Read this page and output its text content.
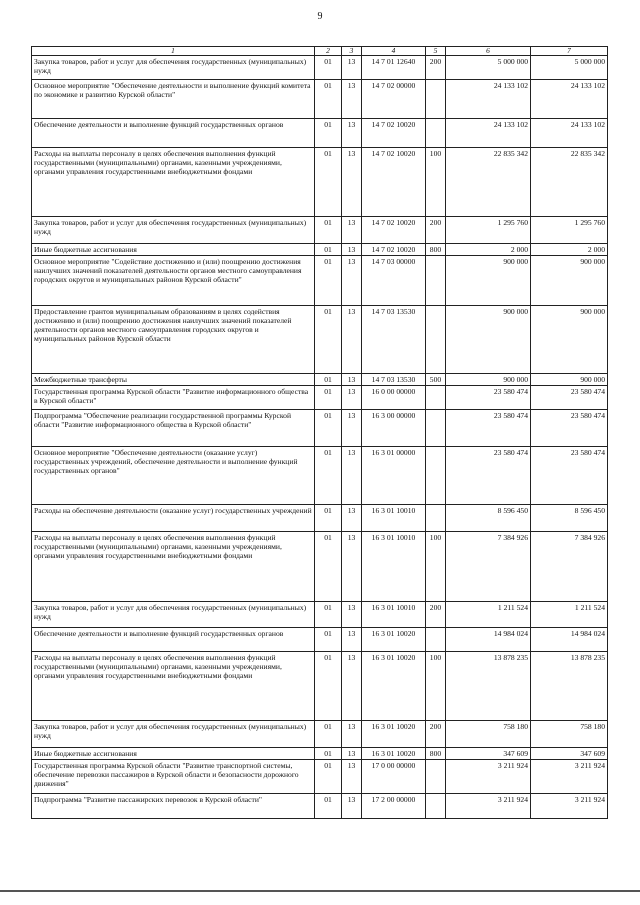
9
1	2	3	4	5	6	7
Закупка товаров, работ и услуг для обеспечения государственных (муниципальных) нужд	01	13	14 7 01 12640	200	5 000 000	5 000 000
Основное мероприятие "Обеспечение деятельности и выполнение функций комитета по экономике и развитию Курской области"	01	13	14 7 02 00000		24 133 102	24 133 102
Обеспечение деятельности и выполнение функций государственных органов	01	13	14 7 02 10020		24 133 102	24 133 102
Расходы на выплаты персоналу в целях обеспечения выполнения функций государственными (муниципальными) органами, казенными учреждениями, органами управления государственными внебюджетными фондами	01	13	14 7 02 10020	100	22 835 342	22 835 342
Закупка товаров, работ и услуг для обеспечения государственных (муниципальных) нужд	01	13	14 7 02 10020	200	1 295 760	1 295 760
Иные бюджетные ассигнования	01	13	14 7 02 10020	800	2 000	2 000
Основное мероприятие "Содействие достижению и (или) поощрению достижения наилучших значений показателей деятельности органов местного самоуправления городских округов и муниципальных районов Курской области"	01	13	14 7 03 00000		900 000	900 000
Предоставление грантов муниципальным образованиям в целях содействия достижению и (или) поощрению достижения наилучших значений показателей деятельности органов местного самоуправления городских округов и муниципальных районов Курской области	01	13	14 7 03 13530		900 000	900 000
Межбюджетные трансферты	01	13	14 7 03 13530	500	900 000	900 000
Государственная программа Курской области "Развитие информационного общества в Курской области"	01	13	16 0 00 00000		23 580 474	23 580 474
Подпрограмма "Обеспечение реализации государственной программы Курской области "Развитие информационного общества в Курской области"	01	13	16 3 00 00000		23 580 474	23 580 474
Основное мероприятие "Обеспечение деятельности (оказание услуг) государственных учреждений, обеспечение деятельности и выполнение функций государственных органов"	01	13	16 3 01 00000		23 580 474	23 580 474
Расходы на обеспечение деятельности (оказание услуг) государственных учреждений	01	13	16 3 01 10010		8 596 450	8 596 450
Расходы на выплаты персоналу в целях обеспечения выполнения функций государственными (муниципальными) органами, казенными учреждениями, органами управления государственными внебюджетными фондами	01	13	16 3 01 10010	100	7 384 926	7 384 926
Закупка товаров, работ и услуг для обеспечения государственных (муниципальных) нужд	01	13	16 3 01 10010	200	1 211 524	1 211 524
Обеспечение деятельности и выполнение функций государственных органов	01	13	16 3 01 10020		14 984 024	14 984 024
Расходы на выплаты персоналу в целях обеспечения выполнения функций государственными (муниципальными) органами, казенными учреждениями, органами управления государственными внебюджетными фондами	01	13	16 3 01 10020	100	13 878 235	13 878 235
Закупка товаров, работ и услуг для обеспечения государственных (муниципальных) нужд	01	13	16 3 01 10020	200	758 180	758 180
Иные бюджетные ассигнования	01	13	16 3 01 10020	800	347 609	347 609
Государственная программа Курской области "Развитие транспортной системы, обеспечение перевозки пассажиров в Курской области и безопасности дорожного движения"	01	13	17 0 00 00000		3 211 924	3 211 924
Подпрограмма "Развитие пассажирских перевозок в Курской области"	01	13	17 2 00 00000		3 211 924	3 211 924
